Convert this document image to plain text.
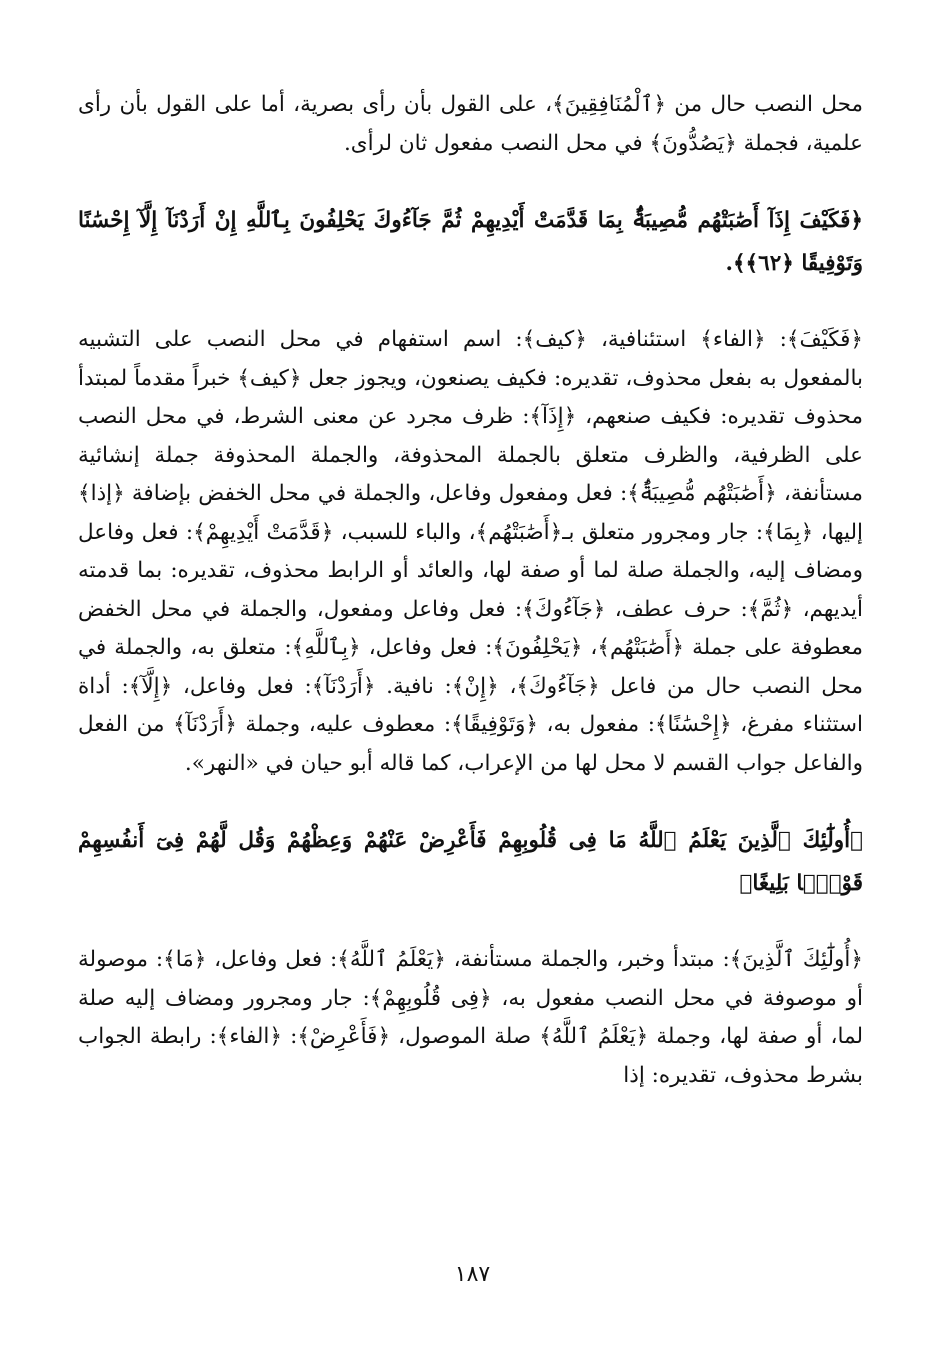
محل النصب حال من ﴿ٱلْمُنَافِقِينَ﴾، على القول بأن رأى بصرية، أما على القول بأن رأى علمية، فجملة ﴿يَصُدُّونَ﴾ في محل النصب مفعول ثان لرأى.

﴿فَكَيْفَ إِذَآ أَصَٰبَتْهُم مُّصِيبَةٌۢ بِمَا قَدَّمَتْ أَيْدِيهِمْ ثُمَّ جَآءُوكَ يَحْلِفُونَ بِٱللَّهِ إِنْ أَرَدْنَآ إِلَّآ إِحْسَٰنًا وَتَوْفِيقًا ﴿٦٢﴾﴾.

﴿فَكَيْفَ﴾: ﴿الفاء﴾ استئنافية، ﴿كيف﴾: اسم استفهام في محل النصب على التشبيه بالمفعول به بفعل محذوف، تقديره: فكيف يصنعون، ويجوز جعل ﴿كيف﴾ خبراً مقدماً لمبتدأ محذوف تقديره: فكيف صنعهم، ﴿إِذَآ﴾: ظرف مجرد عن معنى الشرط، في محل النصب على الظرفية، والظرف متعلق بالجملة المحذوفة، والجملة المحذوفة جملة إنشائية مستأنفة، ﴿أَصَٰبَتْهُم مُّصِيبَةٌۢ﴾: فعل ومفعول وفاعل، والجملة في محل الخفض بإضافة ﴿إذا﴾ إليها، ﴿بِمَا﴾: جار ومجرور متعلق بـ﴿أَصَٰبَتْهُم﴾، والباء للسبب، ﴿قَدَّمَتْ أَيْدِيهِمْ﴾: فعل وفاعل ومضاف إليه، والجملة صلة لما أو صفة لها، والعائد أو الرابط محذوف، تقديره: بما قدمته أيديهم، ﴿ثُمَّ﴾: حرف عطف، ﴿جَآءُوكَ﴾: فعل وفاعل ومفعول، والجملة في محل الخفض معطوفة على جملة ﴿أَصَٰبَتْهُم﴾، ﴿يَحْلِفُونَ﴾: فعل وفاعل، ﴿بِٱللَّهِ﴾: متعلق به، والجملة في محل النصب حال من فاعل ﴿جَآءُوكَ﴾، ﴿إِنْ﴾: نافية. ﴿أَرَدْنَآ﴾: فعل وفاعل، ﴿إِلَّآ﴾: أداة استثناء مفرغ، ﴿إِحْسَٰنًا﴾: مفعول به، ﴿وَتَوْفِيقًا﴾: معطوف عليه، وجملة ﴿أَرَدْنَآ﴾ من الفعل والفاعل جواب القسم لا محل لها من الإعراب، كما قاله أبو حيان في «النهر».

﴿أُولَٰٓئِكَ ٱلَّذِينَ يَعْلَمُ ٱللَّهُ مَا فِى قُلُوبِهِمْ فَأَعْرِضْ عَنْهُمْ وَعِظْهُمْ وَقُل لَّهُمْ فِىٓ أَنفُسِهِمْ قَوْلًۢا بَلِيغًا﴾

﴿أُولَٰٓئِكَ ٱلَّذِينَ﴾: مبتدأ وخبر، والجملة مستأنفة، ﴿يَعْلَمُ ٱللَّهُ﴾: فعل وفاعل، ﴿مَا﴾: موصولة أو موصوفة في محل النصب مفعول به، ﴿فِى قُلُوبِهِمْ﴾: جار ومجرور ومضاف إليه صلة لما، أو صفة لها، وجملة ﴿يَعْلَمُ ٱللَّهُ﴾ صلة الموصول، ﴿فَأَعْرِضْ﴾: ﴿الفاء﴾: رابطة الجواب بشرط محذوف، تقديره: إذا

١٨٧
